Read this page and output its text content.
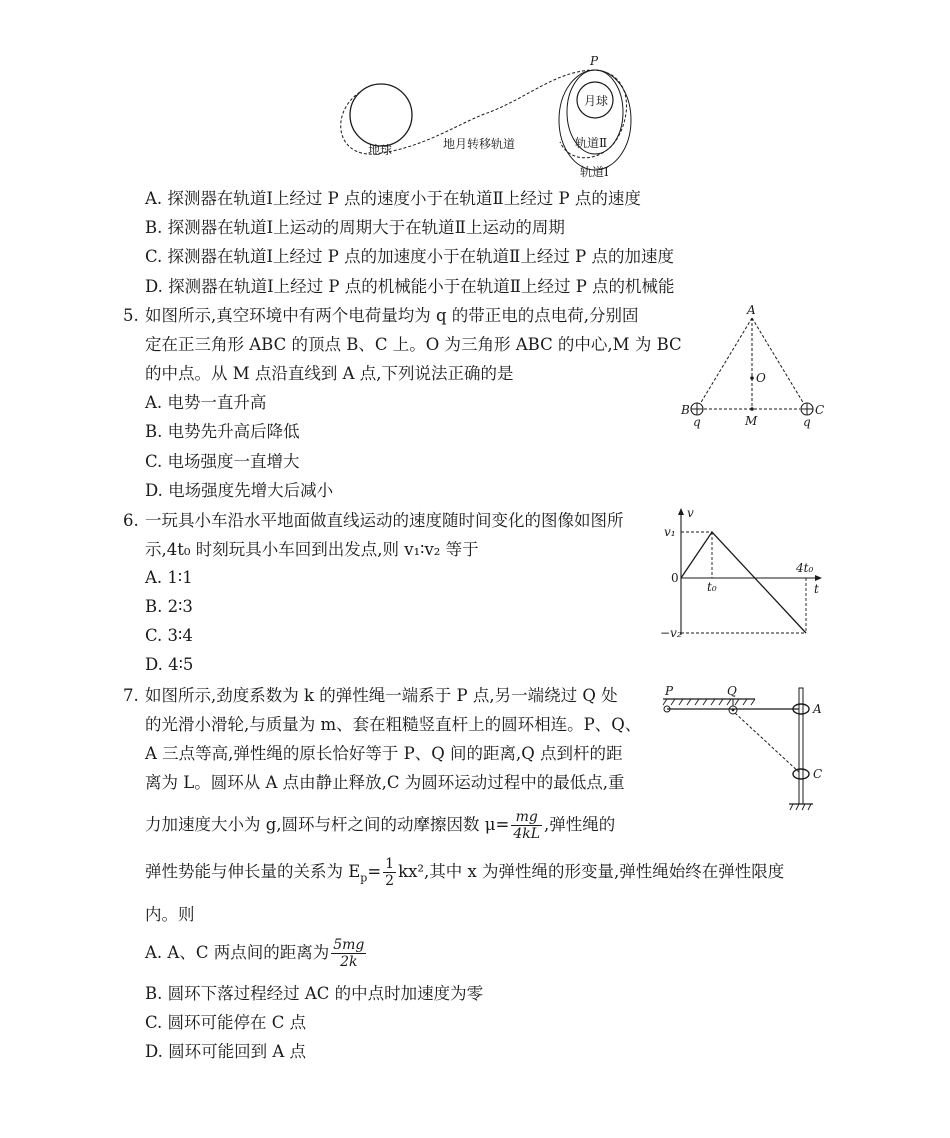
地球
月球
地月转移轨道	轨道Ⅱ
轨道Ⅰ
P
A. 探测器在轨道Ⅰ上经过 P 点的速度小于在轨道Ⅱ上经过 P 点的速度
B. 探测器在轨道Ⅰ上运动的周期大于在轨道Ⅱ上运动的周期
C. 探测器在轨道Ⅰ上经过 P 点的加速度小于在轨道Ⅱ上经过 P 点的加速度
D. 探测器在轨道Ⅰ上经过 P 点的机械能小于在轨道Ⅱ上经过 P 点的机械能
5. 如图所示,真空环境中有两个电荷量均为 q 的带正电的点电荷,分别固
定在正三角形 ABC 的顶点 B、C 上。O 为三角形 ABC 的中心,M 为 BC
的中点。从 M 点沿直线到 A 点,下列说法正确的是
A. 电势一直升高
B. 电势先升高后降低
C. 电场强度一直增大
D. 电场强度先增大后减小
A
B	C
O
M
q	q
6. 一玩具小车沿水平地面做直线运动的速度随时间变化的图像如图所
示,4t₀ 时刻玩具小车回到出发点,则 v₁∶v₂ 等于
A. 1∶1
B. 2∶3
C. 3∶4
D. 4∶5
v
t
0
v₁
−v₂
t₀
4t₀
7. 如图所示,劲度系数为 k 的弹性绳一端系于 P 点,另一端绕过 Q 处
的光滑小滑轮,与质量为 m、套在粗糙竖直杆上的圆环相连。P、Q、
A 三点等高,弹性绳的原长恰好等于 P、Q 间的距离,Q 点到杆的距
离为 L。圆环从 A 点由静止释放,C 为圆环运动过程中的最低点,重
力加速度大小为 g,圆环与杆之间的动摩擦因数 $\mu= \frac{mg}{4kL}$ ,弹性绳的
弹性势能与伸长量的关系为 $E_p= \frac{1}{2} kx^2$,其中 x 为弹性绳的形变量,弹性绳始终在弹性限度
内。则
A. A、C 两点间的距离为 $\frac{5mg}{2k}$
B. 圆环下落过程经过 AC 的中点时加速度为零
C. 圆环可能停在 C 点
D. 圆环可能回到 A 点
P	Q
A
C
